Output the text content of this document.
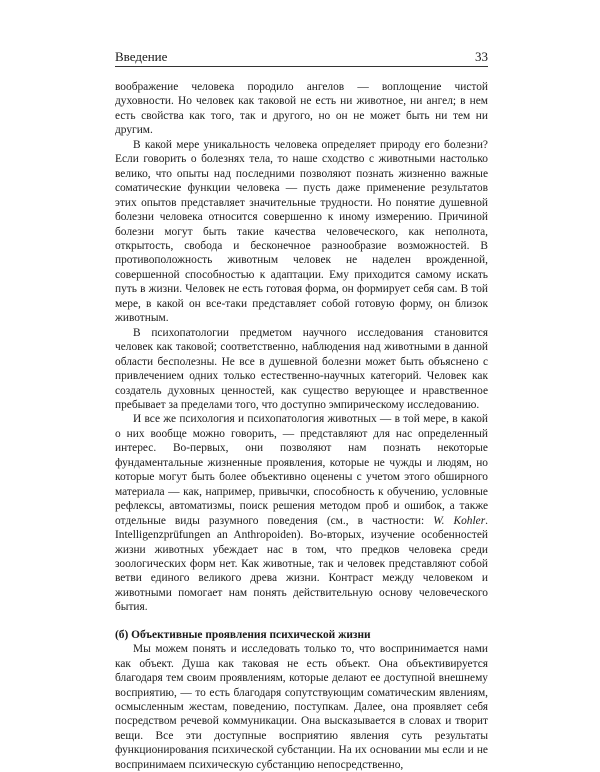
Введение	33

воображение человека породило ангелов — воплощение чистой духовности. Но человек как таковой не есть ни животное, ни ангел; в нем есть свойства как того, так и другого, но он не может быть ни тем ни другим.

В какой мере уникальность человека определяет природу его болезни? Если говорить о болезнях тела, то наше сходство с животными настолько велико, что опыты над последними позволяют познать жизненно важные соматические функции человека — пусть даже применение результатов этих опытов представляет значительные трудности. Но понятие душевной болезни человека относится совершенно к иному измерению. Причиной болезни могут быть такие качества человеческого, как неполнота, открытость, свобода и бесконечное разнообразие возможностей. В противоположность животным человек не наделен врожденной, совершенной способностью к адаптации. Ему приходится самому искать путь в жизни. Человек не есть готовая форма, он формирует себя сам. В той мере, в какой он все-таки представляет собой готовую форму, он близок животным.

В психопатологии предметом научного исследования становится человек как таковой; соответственно, наблюдения над животными в данной области бесполезны. Не все в душевной болезни может быть объяснено с привлечением одних только естественно-научных категорий. Человек как создатель духовных ценностей, как существо верующее и нравственное пребывает за пределами того, что доступно эмпирическому исследованию.

И все же психология и психопатология животных — в той мере, в какой о них вообще можно говорить, — представляют для нас определенный интерес. Во-первых, они позволяют нам познать некоторые фундаментальные жизненные проявления, которые не чужды и людям, но которые могут быть более объективно оценены с учетом этого обширного материала — как, например, привычки, способность к обучению, условные рефлексы, автоматизмы, поиск решения методом проб и ошибок, а также отдельные виды разумного поведения (см., в частности: W. Kohler. Intelligenzprüfungen an Anthropoiden). Во-вторых, изучение особенностей жизни животных убеждает нас в том, что предков человека среди зоологических форм нет. Как животные, так и человек представляют собой ветви единого великого древа жизни. Контраст между человеком и животными помогает нам понять действительную основу человеческого бытия.

(б) Объективные проявления психической жизни

Мы можем понять и исследовать только то, что воспринимается нами как объект. Душа как таковая не есть объект. Она объективируется благодаря тем своим проявлениям, которые делают ее доступной внешнему восприятию, — то есть благодаря сопутствующим соматическим явлениям, осмысленным жестам, поведению, поступкам. Далее, она проявляет себя посредством речевой коммуникации. Она высказывается в словах и творит вещи. Все эти доступные восприятию явления суть результаты функционирования психической субстанции. На их основании мы если и не воспринимаем психическую субстанцию непосредственно,
